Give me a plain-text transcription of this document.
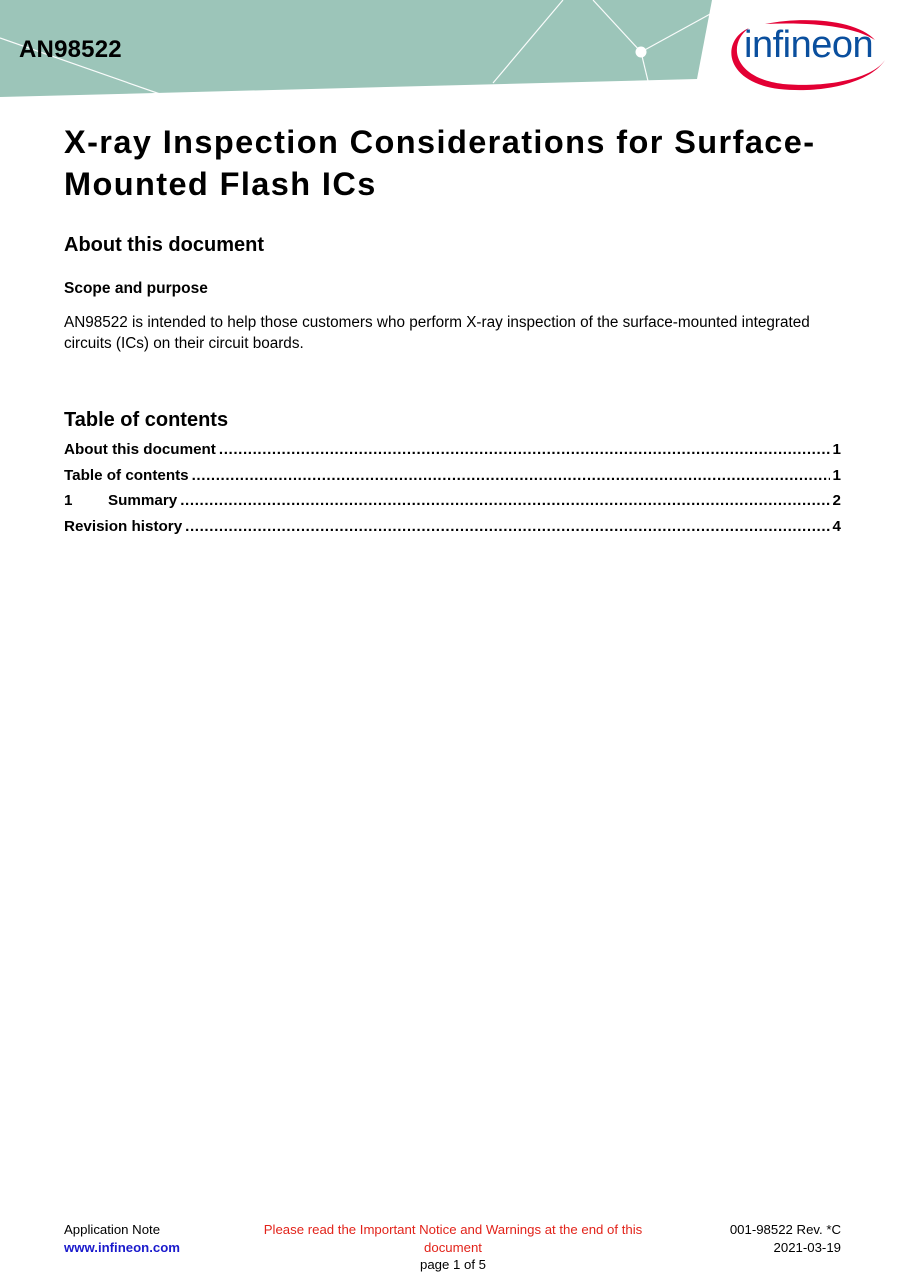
AN98522	infineon
X-ray Inspection Considerations for Surface-Mounted Flash ICs
About this document
Scope and purpose
AN98522 is intended to help those customers who perform X-ray inspection of the surface-mounted integrated circuits (ICs) on their circuit boards.
Table of contents
About this document .....	1
Table of contents .....	1
1	Summary .....	2
Revision history .....	4
Application Note
www.infineon.com
Please read the Important Notice and Warnings at the end of this document
page 1 of 5
001-98522 Rev. *C
2021-03-19
